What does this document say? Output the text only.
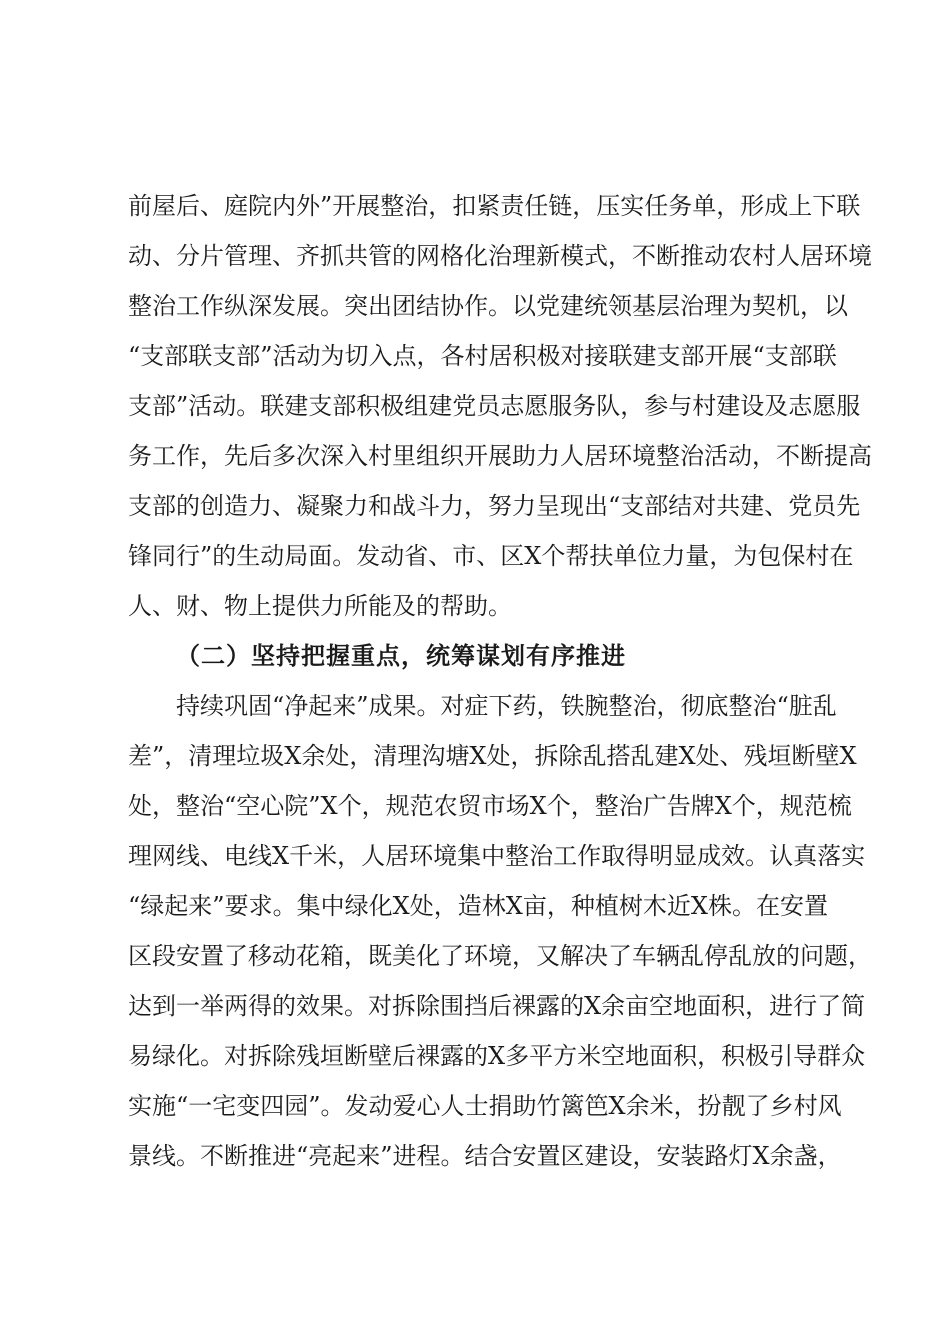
前屋后、庭院内外”开展整治，扣紧责任链，压实任务单，形成上下联
动、分片管理、齐抓共管的网格化治理新模式，不断推动农村人居环境
整治工作纵深发展。突出团结协作。以党建统领基层治理为契机，以
“支部联支部”活动为切入点，各村居积极对接联建支部开展“支部联
支部”活动。联建支部积极组建党员志愿服务队，参与村建设及志愿服
务工作，先后多次深入村里组织开展助力人居环境整治活动，不断提高
支部的创造力、凝聚力和战斗力，努力呈现出“支部结对共建、党员先
锋同行”的生动局面。发动省、市、区X个帮扶单位力量，为包保村在
人、财、物上提供力所能及的帮助。
（二）坚持把握重点，统筹谋划有序推进
持续巩固“净起来”成果。对症下药，铁腕整治，彻底整治“脏乱
差”，清理垃圾X余处，清理沟塘X处，拆除乱搭乱建X处、残垣断壁X
处，整治“空心院”X个，规范农贸市场X个，整治广告牌X个，规范梳
理网线、电线X千米，人居环境集中整治工作取得明显成效。认真落实
“绿起来”要求。集中绿化X处，造林X亩，种植树木近X株。在安置
区段安置了移动花箱，既美化了环境，又解决了车辆乱停乱放的问题，
达到一举两得的效果。对拆除围挡后裸露的X余亩空地面积，进行了简
易绿化。对拆除残垣断壁后裸露的X多平方米空地面积，积极引导群众
实施“一宅变四园”。发动爱心人士捐助竹篱笆X余米，扮靓了乡村风
景线。不断推进“亮起来”进程。结合安置区建设，安装路灯X余盏，
